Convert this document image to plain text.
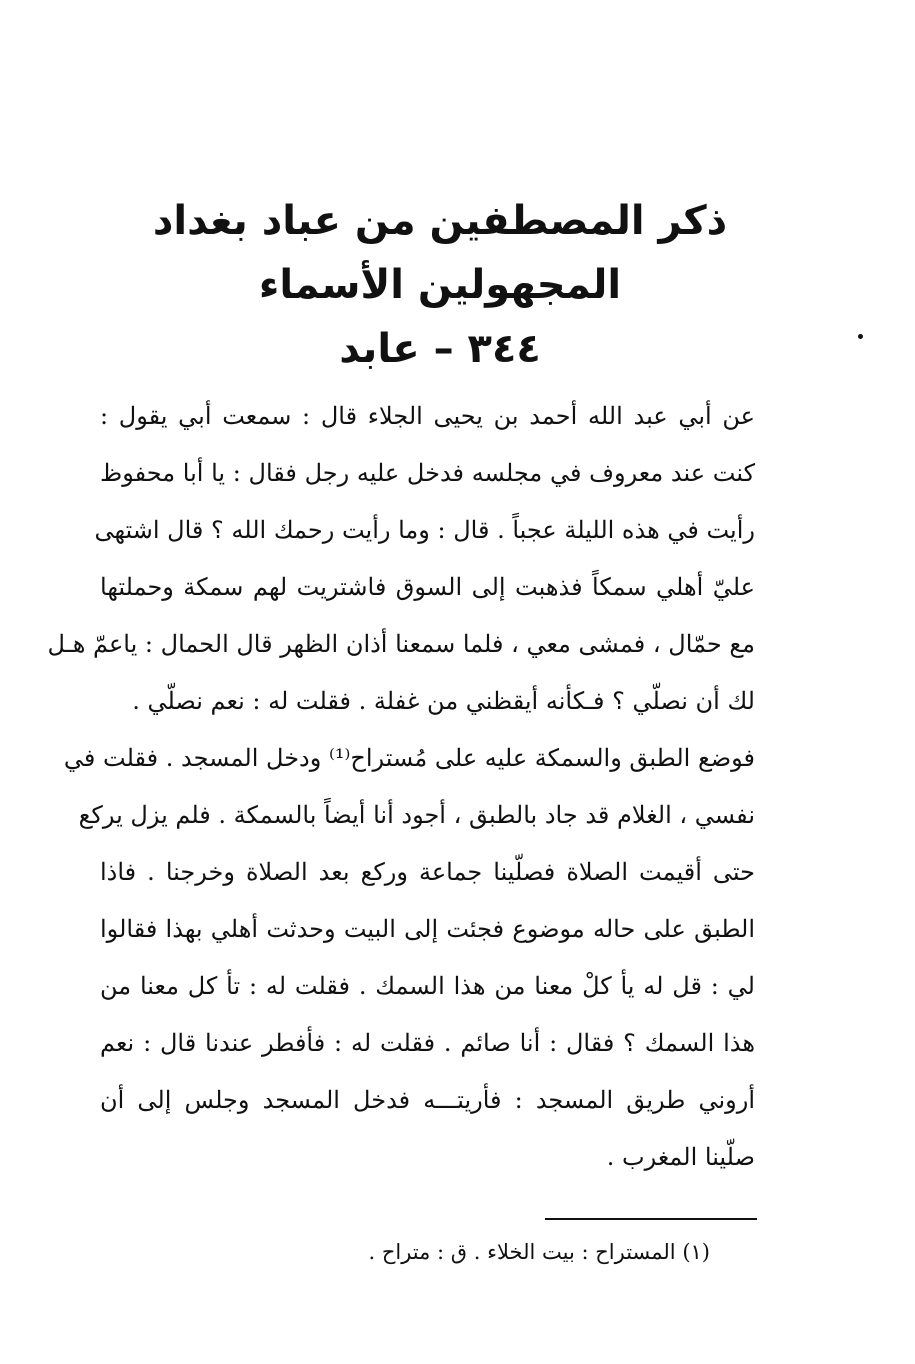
ذكر المصطفين من عباد بغداد
المجهولين الأسماء
٣٤٤ – عابد
عن أبي عبد الله أحمد بن يحيى الجلاء قال : سمعت أبي يقول :
كنت عند معروف في مجلسه فدخل عليه رجل فقال : يا أبا محفوظ
رأيت في هذه الليلة عجباً . قال : وما رأيت رحمك الله ؟ قال اشتهى
عليّ أهلي سمكاً فذهبت إلى السوق فاشتريت لهم سمكة وحملتها
مع حمّال ، فمشى معي ، فلما سمعنا أذان الظهر قال الحمال : ياعمّ هـل
لك أن نصلّي ؟ فـكأنه أيقظني من غفلة . فقلت له : نعم نصلّي .
فوضع الطبق والسمكة عليه على مُستراح⁽¹⁾ ودخل المسجد . فقلت في
نفسي ، الغلام قد جاد بالطبق ، أجود أنا أيضاً بالسمكة . فلم يزل يركع
حتى أقيمت الصلاة فصلّينا جماعة وركع بعد الصلاة وخرجنا . فاذا
الطبق على حاله موضوع فجئت إلى البيت وحدثت أهلي بهذا فقالوا
لي : قل له يأ كلْ معنا من هذا السمك . فقلت له : تأ كل معنا من
هذا السمك ؟ فقال : أنا صائم . فقلت له : فأفطر عندنا قال : نعم
أروني طريق المسجد : فأريتـــه فدخل المسجد وجلس إلى أن
صلّينا المغرب .
(١) المستراح : بيت الخلاء . ق : متراح .
